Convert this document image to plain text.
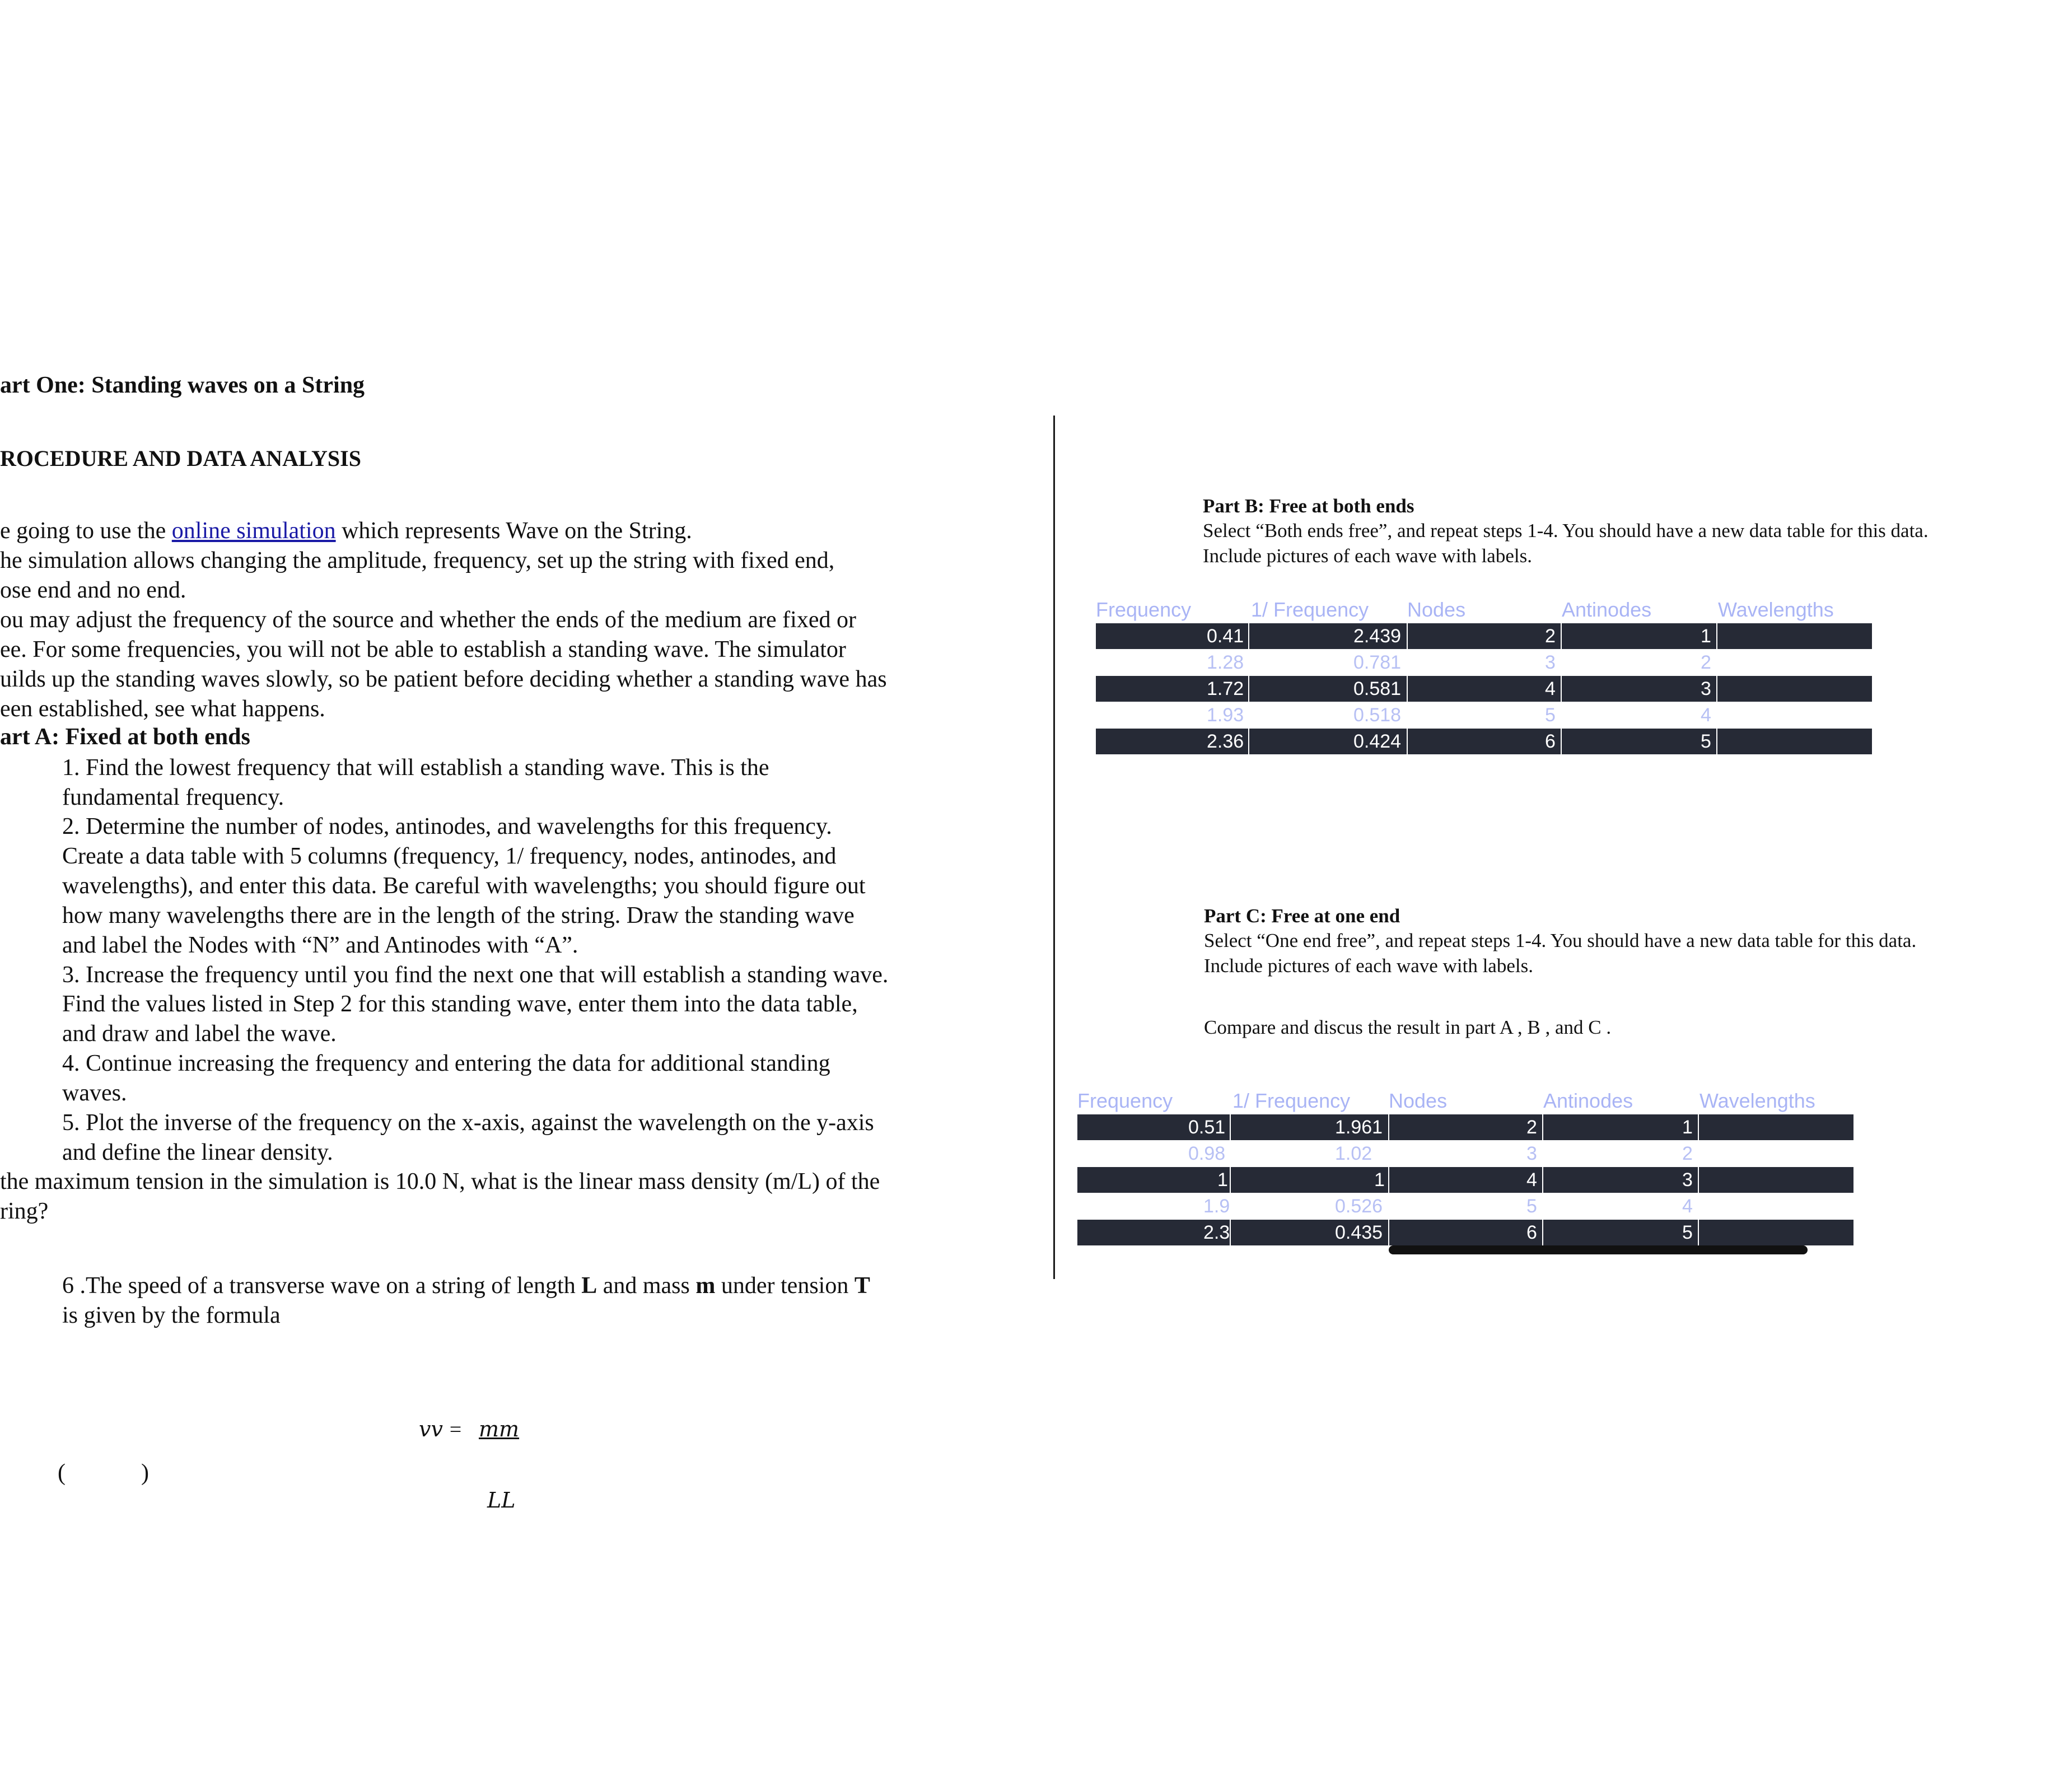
art One: Standing waves on a String
ROCEDURE AND DATA ANALYSIS
e going to use the online simulation which represents Wave on the String.
he simulation allows changing the amplitude, frequency, set up the string with fixed end,
ose end and no end.
ou may adjust the frequency of the source and whether the ends of the medium are fixed or
ee. For some frequencies, you will not be able to establish a standing wave. The simulator
uilds up the standing waves slowly, so be patient before deciding whether a standing wave has
een established, see what happens.
art A: Fixed at both ends
1. Find the lowest frequency that will establish a standing wave. This is the
fundamental frequency.
2. Determine the number of nodes, antinodes, and wavelengths for this frequency.
Create a data table with 5 columns (frequency, 1/ frequency, nodes, antinodes, and
wavelengths), and enter this data. Be careful with wavelengths; you should figure out
how many wavelengths there are in the length of the string. Draw the standing wave
and label the Nodes with “N” and Antinodes with “A”.
3. Increase the frequency until you find the next one that will establish a standing wave.
Find the values listed in Step 2 for this standing wave, enter them into the data table,
and draw and label the wave.
4. Continue increasing the frequency and entering the data for additional standing
waves.
5. Plot the inverse of the frequency on the x-axis, against the wavelength on the y-axis
and define the linear density.
the maximum tension in the simulation is 10.0 N, what is the linear mass density (m/L) of the
ring?
6 .The speed of a transverse wave on a string of length L and mass m under tension T
is given by the formula
𝑣𝑣 = 𝑚𝑚
(	)
𝐿𝐿
Part B: Free at both ends
Select “Both ends free”, and repeat steps 1-4. You should have a new data table for this data.
Include pictures of each wave with labels.
Frequency	1/ Frequency Nodes	Antinodes	Wavelengths
0.41	2.439	2	1
1.28	0.781	3	2
1.72	0.581	4	3
1.93	0.518	5	4
2.36	0.424	6	5
Part C: Free at one end
Select “One end free”, and repeat steps 1-4. You should have a new data table for this data.
Include pictures of each wave with labels.
Compare and discus the result in part A , B , and C .
Frequency	1/ Frequency Nodes	Antinodes	Wavelengths
0.51	1.961	2	1
0.98	1.02	3	2
1	1	4	3
1.9	0.526	5	4
2.3	0.435	6	5
